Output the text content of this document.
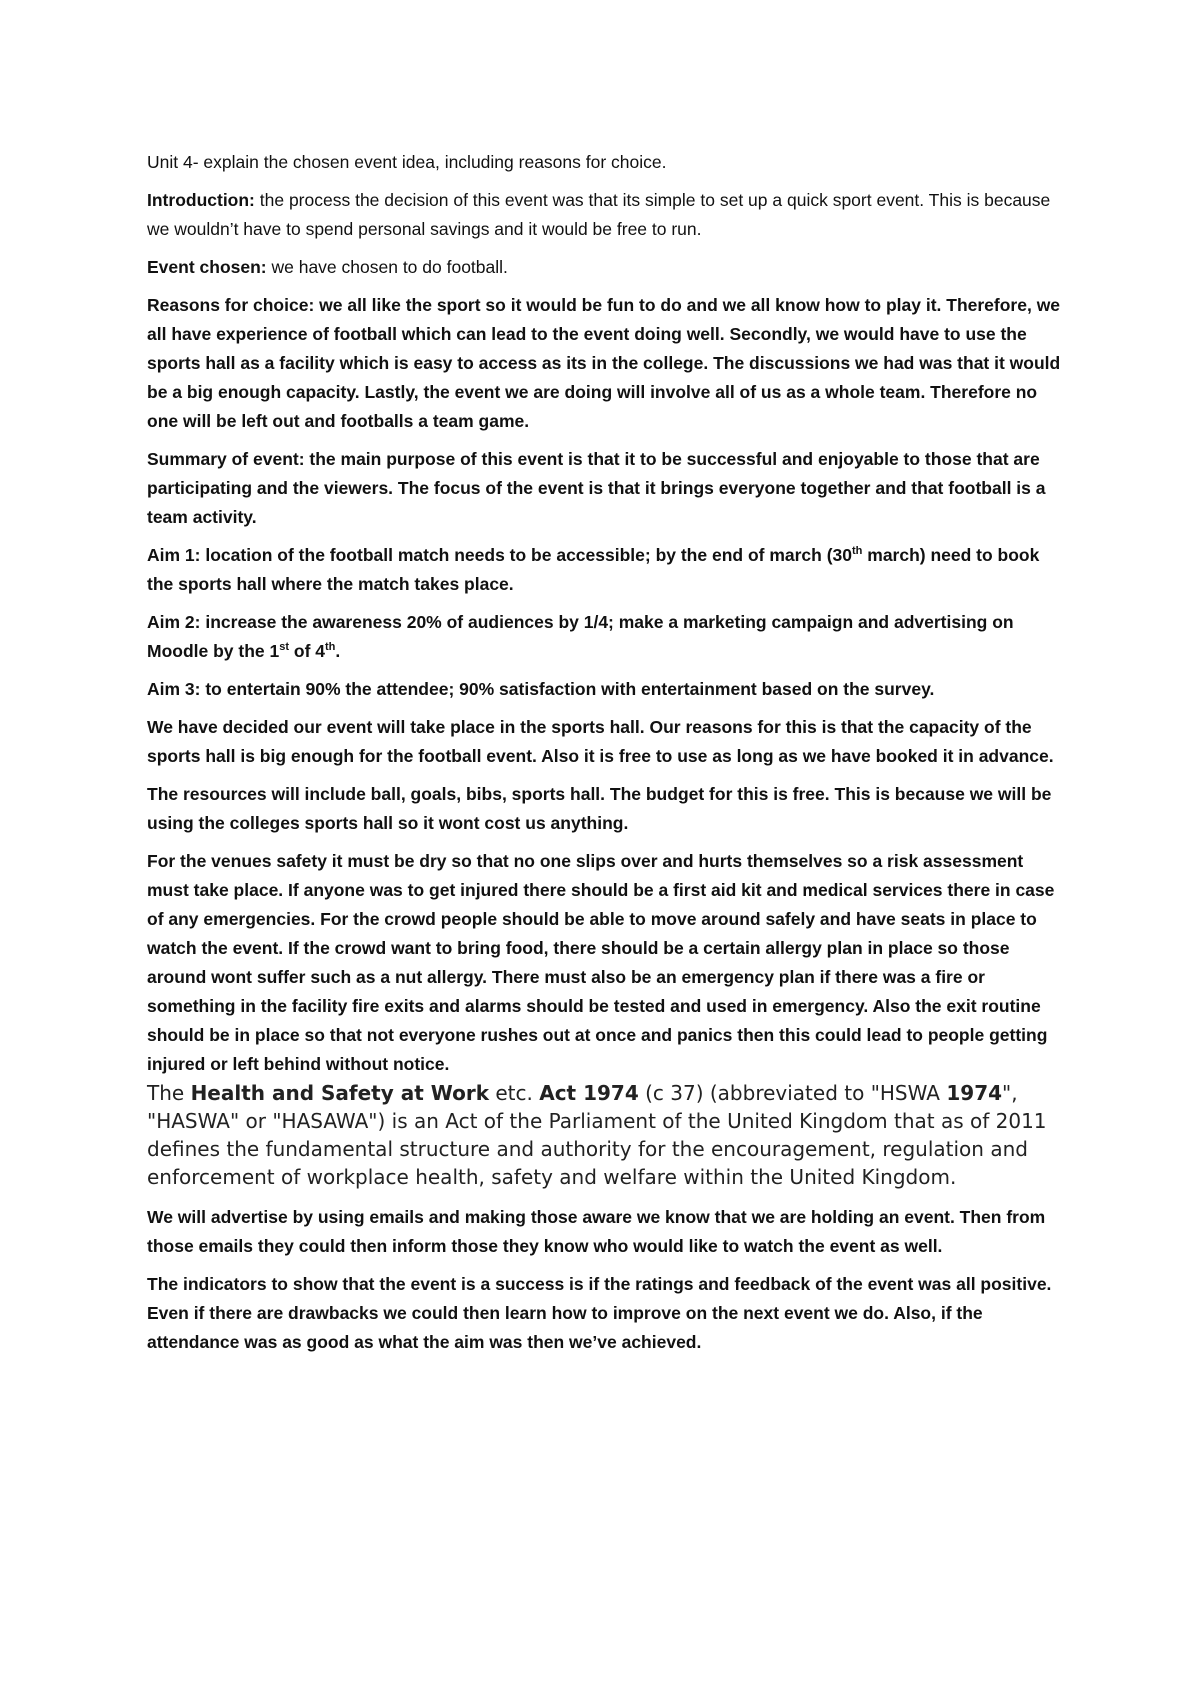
Unit 4- explain the chosen event idea, including reasons for choice.

Introduction: the process the decision of this event was that its simple to set up a quick sport event. This is because we wouldn’t have to spend personal savings and it would be free to run.

Event chosen: we have chosen to do football.

Reasons for choice: we all like the sport so it would be fun to do and we all know how to play it. Therefore, we all have experience of football which can lead to the event doing well. Secondly, we would have to use the sports hall as a facility which is easy to access as its in the college. The discussions we had was that it would be a big enough capacity. Lastly, the event we are doing will involve all of us as a whole team. Therefore no one will be left out and footballs a team game.

Summary of event: the main purpose of this event is that it to be successful and enjoyable to those that are participating and the viewers. The focus of the event is that it brings everyone together and that football is a team activity.

Aim 1: location of the football match needs to be accessible; by the end of march (30th march) need to book the sports hall where the match takes place.

Aim 2: increase the awareness 20% of audiences by 1/4; make a marketing campaign and advertising on Moodle by the 1st of 4th.

Aim 3: to entertain 90% the attendee; 90% satisfaction with entertainment based on the survey.

We have decided our event will take place in the sports hall. Our reasons for this is that the capacity of the sports hall is big enough for the football event. Also it is free to use as long as we have booked it in advance.

The resources will include ball, goals, bibs, sports hall. The budget for this is free. This is because we will be using the colleges sports hall so it wont cost us anything.

For the venues safety it must be dry so that no one slips over and hurts themselves so a risk assessment must take place. If anyone was to get injured there should be a first aid kit and medical services there in case of any emergencies. For the crowd people should be able to move around safely and have seats in place to watch the event. If the crowd want to bring food, there should be a certain allergy plan in place so those around wont suffer such as a nut allergy. There must also be an emergency plan if there was a fire or something in the facility fire exits and alarms should be tested and used in emergency. Also the exit routine should be in place so that not everyone rushes out at once and panics then this could lead to people getting injured or left behind without notice.

The Health and Safety at Work etc. Act 1974 (c 37) (abbreviated to "HSWA 1974", "HASWA" or "HASAWA") is an Act of the Parliament of the United Kingdom that as of 2011 defines the fundamental structure and authority for the encouragement, regulation and enforcement of workplace health, safety and welfare within the United Kingdom.

We will advertise by using emails and making those aware we know that we are holding an event. Then from those emails they could then inform those they know who would like to watch the event as well.

The indicators to show that the event is a success is if the ratings and feedback of the event was all positive. Even if there are drawbacks we could then learn how to improve on the next event we do. Also, if the attendance was as good as what the aim was then we’ve achieved.
